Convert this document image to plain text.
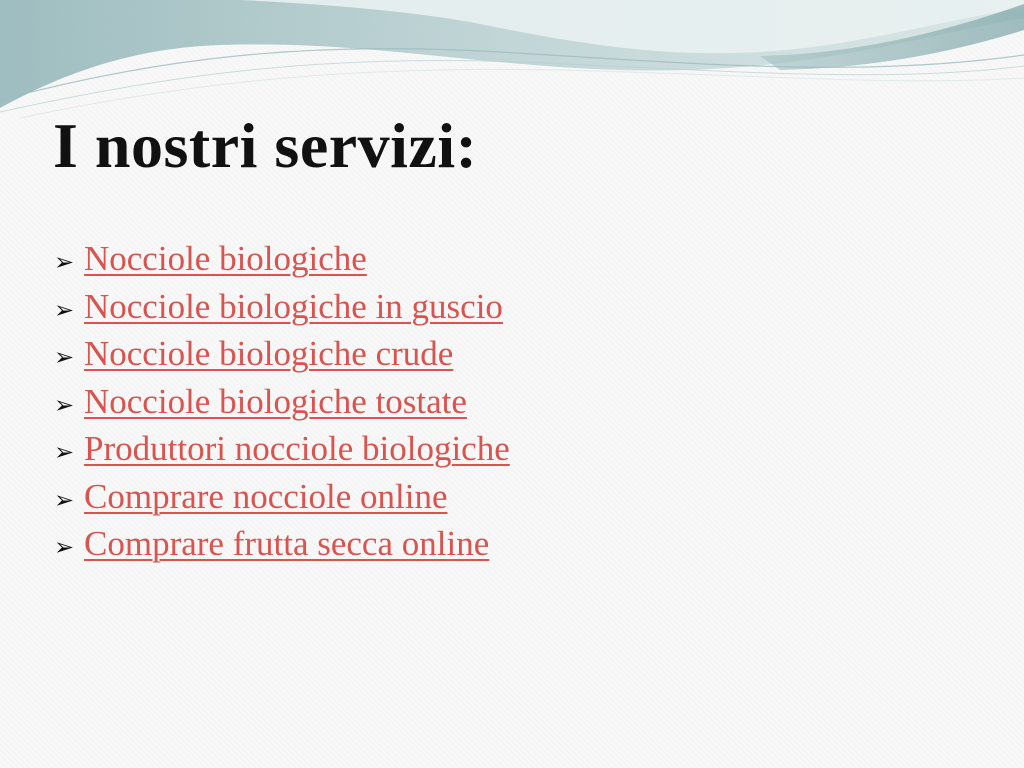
I nostri servizi:
➢ Nocciole biologiche
➢ Nocciole biologiche in guscio
➢ Nocciole biologiche crude
➢ Nocciole biologiche tostate
➢ Produttori nocciole biologiche
➢ Comprare nocciole online
➢ Comprare frutta secca online
